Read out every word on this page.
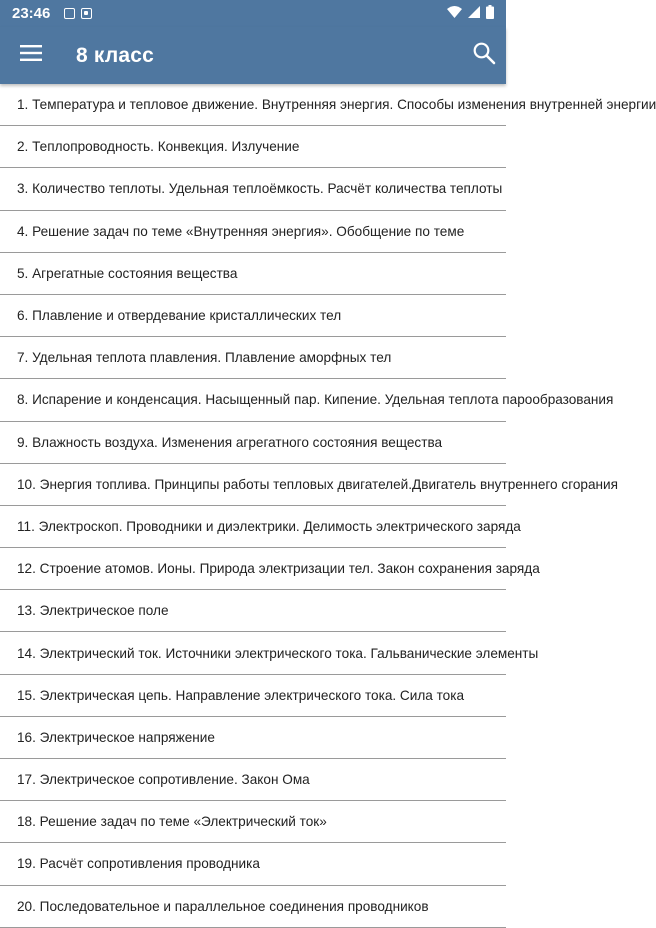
23:46
8 класс
1. Температура и тепловое движение. Внутренняя энергия. Способы изменения внутренней энергии
2. Теплопроводность. Конвекция. Излучение
3. Количество теплоты. Удельная теплоёмкость. Расчёт количества теплоты
4. Решение задач по теме «Внутренняя энергия». Обобщение по теме
5. Агрегатные состояния вещества
6. Плавление и отвердевание кристаллических тел
7. Удельная теплота плавления. Плавление аморфных тел
8. Испарение и конденсация. Насыщенный пар. Кипение. Удельная теплота парообразования
9. Влажность воздуха. Изменения агрегатного состояния вещества
10. Энергия топлива. Принципы работы тепловых двигателей.Двигатель внутреннего сгорания
11. Электроскоп. Проводники и диэлектрики. Делимость электрического заряда
12. Строение атомов. Ионы. Природа электризации тел. Закон сохранения заряда
13. Электрическое поле
14. Электрический ток. Источники электрического тока. Гальванические элементы
15. Электрическая цепь. Направление электрического тока. Сила тока
16. Электрическое напряжение
17. Электрическое сопротивление. Закон Ома
18. Решение задач по теме «Электрический ток»
19. Расчёт сопротивления проводника
20. Последовательное и параллельное соединения проводников
